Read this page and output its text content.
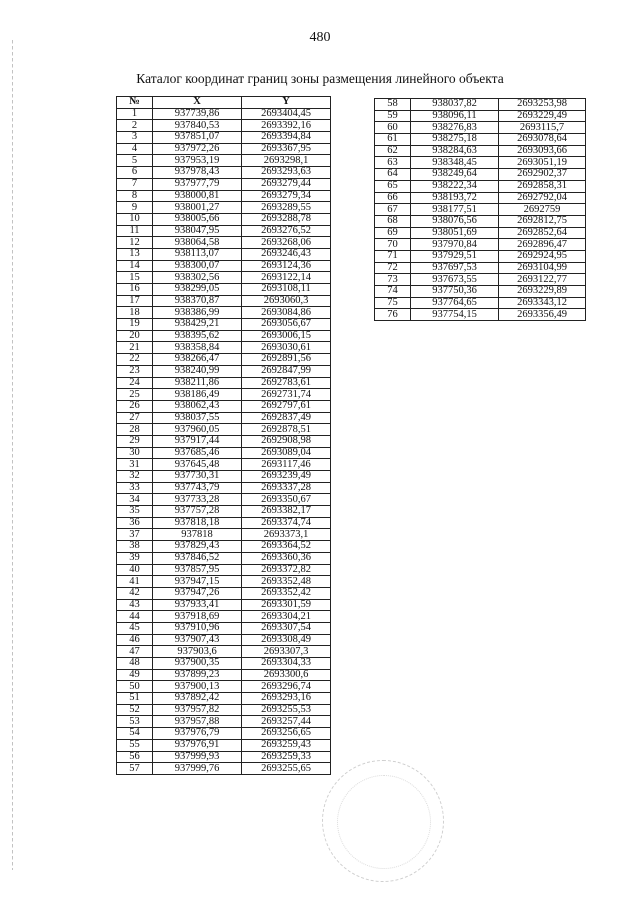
480
Каталог координат границ зоны размещения линейного объекта
№	X	Y
1	937739,86	2693404,45
2	937840,53	2693392,16
3	937851,07	2693394,84
4	937972,26	2693367,95
5	937953,19	2693298,1
6	937978,43	2693293,63
7	937977,79	2693279,44
8	938000,81	2693279,34
9	938001,27	2693289,55
10	938005,66	2693288,78
11	938047,95	2693276,52
12	938064,58	2693268,06
13	938113,07	2693246,43
14	938300,07	2693124,36
15	938302,56	2693122,14
16	938299,05	2693108,11
17	938370,87	2693060,3
18	938386,99	2693084,86
19	938429,21	2693056,67
20	938395,62	2693006,15
21	938358,84	2693030,61
22	938266,47	2692891,56
23	938240,99	2692847,99
24	938211,86	2692783,61
25	938186,49	2692731,74
26	938062,43	2692797,61
27	938037,55	2692837,49
28	937960,05	2692878,51
29	937917,44	2692908,98
30	937685,46	2693089,04
31	937645,48	2693117,46
32	937730,31	2693239,49
33	937743,79	2693337,28
34	937733,28	2693350,67
35	937757,28	2693382,17
36	937818,18	2693374,74
37	937818	2693373,1
38	937829,43	2693364,52
39	937846,52	2693360,36
40	937857,95	2693372,82
41	937947,15	2693352,48
42	937947,26	2693352,42
43	937933,41	2693301,59
44	937918,69	2693304,21
45	937910,96	2693307,54
46	937907,43	2693308,49
47	937903,6	2693307,3
48	937900,35	2693304,33
49	937899,23	2693300,6
50	937900,13	2693296,74
51	937892,42	2693293,16
52	937957,82	2693255,53
53	937957,88	2693257,44
54	937976,79	2693256,65
55	937976,91	2693259,43
56	937999,93	2693259,33
57	937999,76	2693255,65
58	938037,82	2693253,98
59	938096,11	2693229,49
60	938276,83	2693115,7
61	938275,18	2693078,64
62	938284,63	2693093,66
63	938348,45	2693051,19
64	938249,64	2692902,37
65	938222,34	2692858,31
66	938193,72	2692792,04
67	938177,51	2692759
68	938076,56	2692812,75
69	938051,69	2692852,64
70	937970,84	2692896,47
71	937929,51	2692924,95
72	937697,53	2693104,99
73	937673,55	2693122,77
74	937750,36	2693229,89
75	937764,65	2693343,12
76	937754,15	2693356,49
